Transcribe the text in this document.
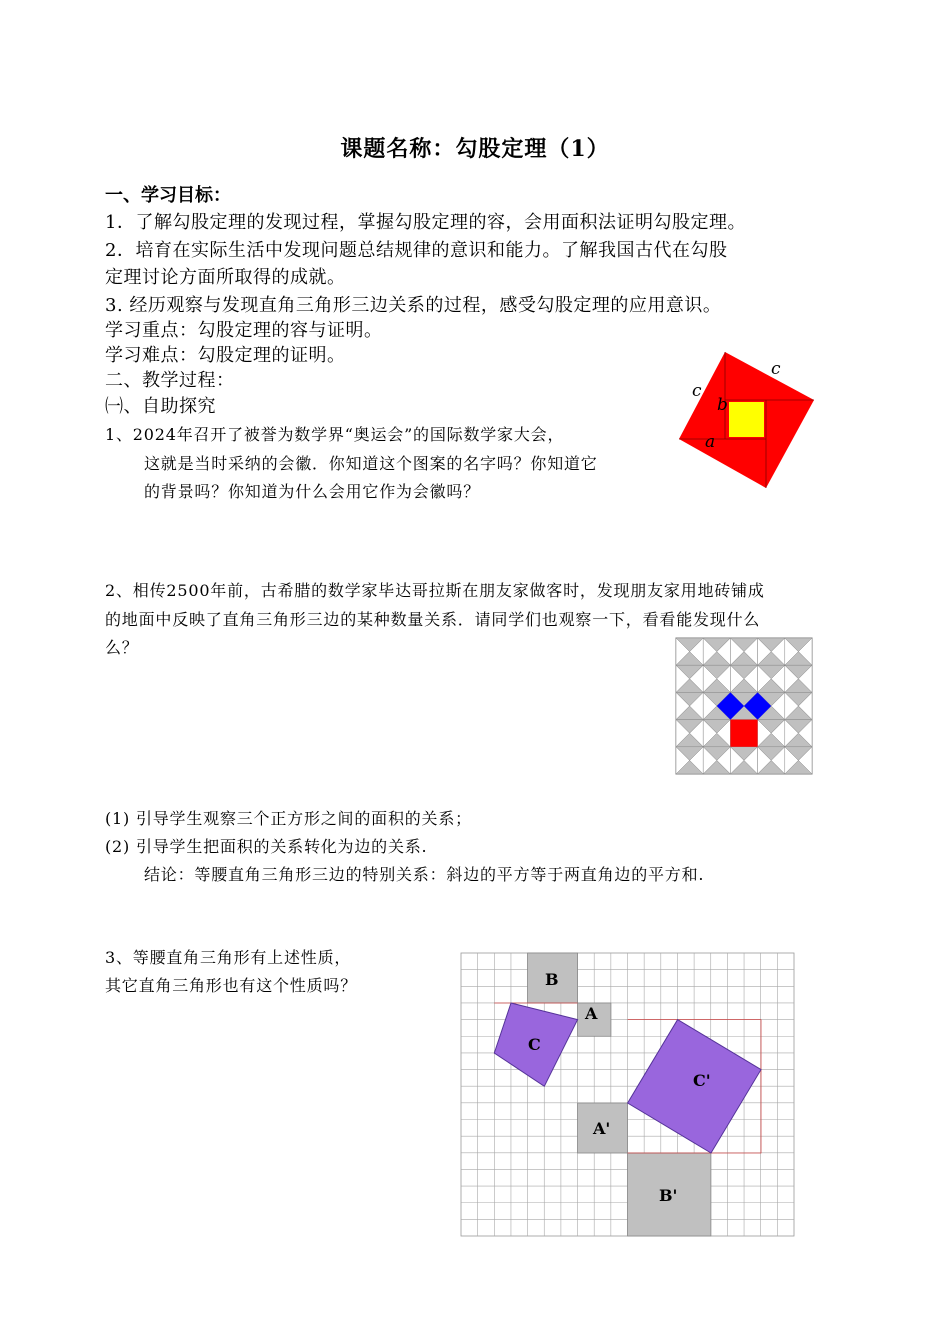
课题名称：勾股定理（1）
一、学习目标：
1．了解勾股定理的发现过程，掌握勾股定理的容，会用面积法证明勾股定理。
2．培育在实际生活中发现问题总结规律的意识和能力。了解我国古代在勾股
定理讨论方面所取得的成就。
3. 经历观察与发现直角三角形三边关系的过程，感受勾股定理的应用意识。
学习重点：勾股定理的容与证明。
学习难点：勾股定理的证明。
二、教学过程：
㈠、自助探究
1、2024年召开了被誉为数学界“奥运会”的国际数学家大会，
这就是当时采纳的会徽．你知道这个图案的名字吗？你知道它
的背景吗？你知道为什么会用它作为会徽吗？
c
c
b
a
2、相传2500年前，古希腊的数学家毕达哥拉斯在朋友家做客时，发现朋友家用地砖铺成
的地面中反映了直角三角形三边的某种数量关系．请同学们也观察一下，看看能发现什么
么？
(1) 引导学生观察三个正方形之间的面积的关系；
(2) 引导学生把面积的关系转化为边的关系.
结论：等腰直角三角形三边的特别关系：斜边的平方等于两直角边的平方和.
3、等腰直角三角形有上述性质，
其它直角三角形也有这个性质吗？	B
A
C
C'
A'
B'
